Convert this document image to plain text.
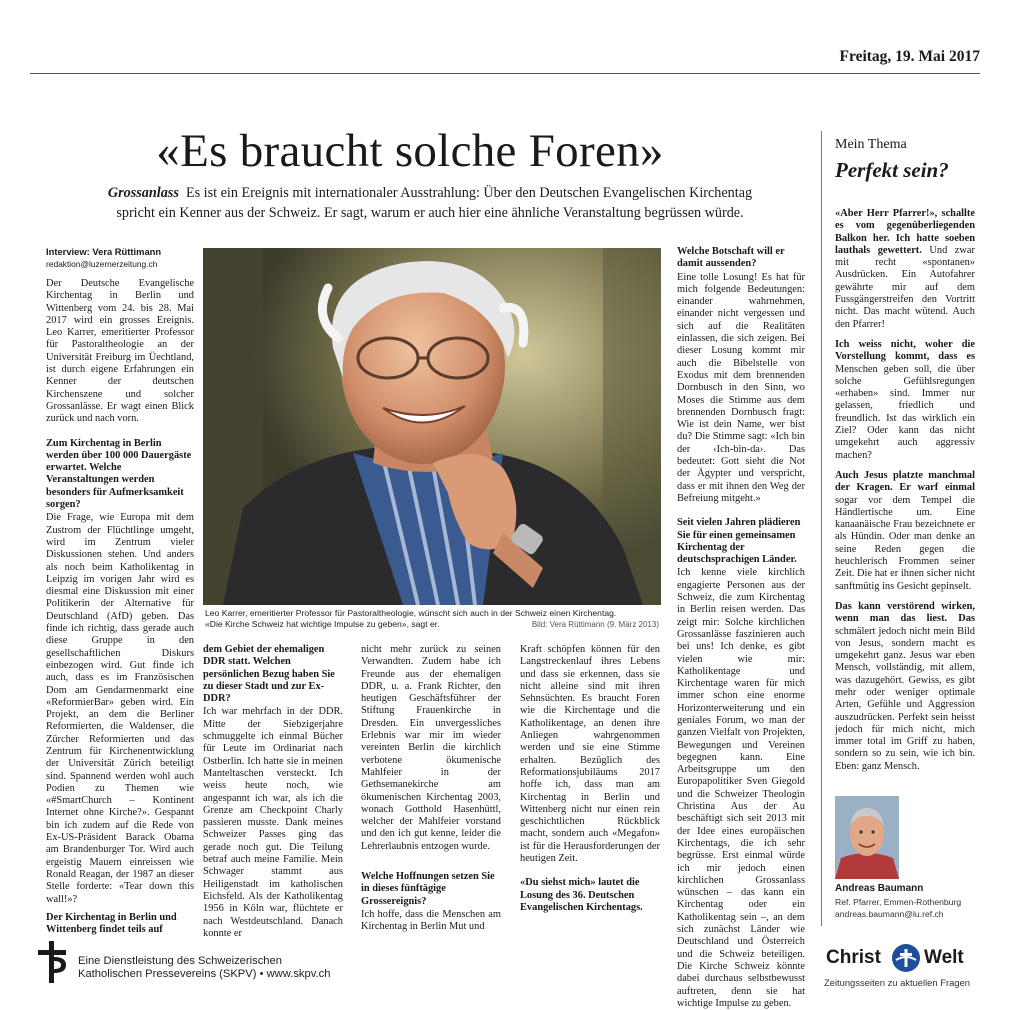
Freitag, 19. Mai 2017
«Es braucht solche Foren»
Grossanlass Es ist ein Ereignis mit internationaler Ausstrahlung: Über den Deutschen Evangelischen Kirchentag
spricht ein Kenner aus der Schweiz. Er sagt, warum er auch hier eine ähnliche Veranstaltung begrüssen würde.

Interview: Vera Rüttimann

redaktion@luzernerzeitung.ch

Der Deutsche Evangelische Kirchentag in Berlin und Wittenberg vom 24. bis 28. Mai 2017 wird ein grosses Ereignis. Leo Karrer, emeritierter Professor für Pastoraltheologie an der Universität Freiburg im Üechtland, ist durch eigene Erfahrungen ein Kenner der deutschen Kirchenszene und solcher Grossanlässe. Er wagt einen Blick zurück und nach vorn.

Zum Kirchentag in Berlin werden über 100 000 Dauergäste erwartet. Welche Veranstaltungen werden besonders für Aufmerksamkeit sorgen?

Die Frage, wie Europa mit dem Zustrom der Flüchtlinge umgeht, wird im Zentrum vieler Diskussionen stehen. Und anders als noch beim Katholikentag in Leipzig im vorigen Jahr wird es diesmal eine Diskussion mit einer Politikerin der Alternative für Deutschland (AfD) geben. Das finde ich richtig, dass gerade auch diese Gruppe in den gesellschaftlichen Diskurs einbezogen wird. Gut finde ich auch, dass es im Französischen Dom am Gendarmenmarkt eine «ReformierBar» geben wird. Ein Projekt, an dem die Berliner Reformierten, die Waldenser, die Zürcher Reformierten und das Zentrum für Kirchenentwicklung der Universität Zürich beteiligt sind. Spannend werden wohl auch Podien zu Themen wie «#SmartChurch – Kontinent Internet ohne Kirche?». Gespannt bin ich zudem auf die Rede von Ex-US-Präsident Barack Obama am Brandenburger Tor. Wird auch ergeistig Mauern einreissen wie Ronald Reagan, der 1987 an dieser Stelle forderte: «Tear down this wall!»?

Der Kirchentag in Berlin und Wittenberg findet teils auf

Leo Karrer, emeritierter Professor für Pastoraltheologie, wünscht sich auch in der Schweiz einen Kirchentag.
«Die Kirche Schweiz hat wichtige Impulse zu geben», sagt er.	Bild: Vera Rüttimann (9. März 2013)

dem Gebiet der ehemaligen DDR statt. Welchen persönlichen Bezug haben Sie zu dieser Stadt und zur Ex-DDR?

Ich war mehrfach in der DDR. Mitte der Siebzigerjahre schmuggelte ich einmal Bücher für Leute im Ordinariat nach Ostberlin. Ich hatte sie in meinen Manteltaschen versteckt. Ich weiss heute noch, wie angespannt ich war, als ich die Grenze am Checkpoint Charly passieren musste. Dank meines Schweizer Passes ging das gerade noch gut. Die Teilung betraf auch meine Familie. Mein Schwager stammt aus Heiligenstadt im katholischen Eichsfeld. Als der Katholikentag 1956 in Köln war, flüchtete er nach Westdeutschland. Danach konnte er

nicht mehr zurück zu seinen Verwandten. Zudem habe ich Freunde aus der ehemaligen DDR, u. a. Frank Richter, den heutigen Geschäftsführer der Stiftung Frauenkirche in Dresden. Ein unvergessliches Erlebnis war mir im wieder vereinten Berlin die kirchlich verbotene ökumenische Mahlfeier in der Gethsemanekirche am ökumenischen Kirchentag 2003, wonach Gotthold Hasenhüttl, welcher der Mahlfeier vorstand und den ich gut kenne, leider die Lehrerlaubnis entzogen wurde.

Welche Hoffnungen setzen Sie in dieses fünftägige Grossereignis?

Ich hoffe, dass die Menschen am Kirchentag in Berlin Mut und

Kraft schöpfen können für den Langstreckenlauf ihres Lebens und dass sie erkennen, dass sie nicht alleine sind mit ihren Sehnsüchten. Es braucht Foren wie die Kirchentage und die Katholikentage, an denen ihre Anliegen wahrgenommen werden und sie eine Stimme erhalten. Bezüglich des Reformationsjubiläums 2017 hoffe ich, dass man am Kirchentag in Berlin und Wittenberg nicht nur einen rein geschichtlichen Rückblick macht, sondern auch «Megafon» ist für die Herausforderungen der heutigen Zeit.

«Du siehst mich» lautet die Losung des 36. Deutschen Evangelischen Kirchentags.

Welche Botschaft will er damit aussenden?

Eine tolle Losung! Es hat für mich folgende Bedeutungen: einander wahrnehmen, einander nicht vergessen und sich auf die Realitäten einlassen, die sich zeigen. Bei dieser Losung kommt mir auch die Bibelstelle von Exodus mit dem brennenden Dornbusch in den Sinn, wo Moses die Stimme aus dem brennenden Dornbusch fragt: Wie ist dein Name, wer bist du? Die Stimme sagt: «Ich bin der ‹Ich-bin-da›. Das bedeutet: Gott sieht die Not der Ägypter und verspricht, dass er mit ihnen den Weg der Befreiung mitgeht.»

Seit vielen Jahren plädieren Sie für einen gemeinsamen Kirchentag der deutschsprachigen Länder.

Ich kenne viele kirchlich engagierte Personen aus der Schweiz, die zum Kirchentag in Berlin reisen werden. Das zeigt mir: Solche kirchlichen Grossanlässe faszinieren auch bei uns! Ich denke, es gibt vielen wie mir: Katholikentage und Kirchentage waren für mich immer schon eine enorme Horizonterweiterung und ein geniales Forum, wo man der ganzen Vielfalt von Projekten, Bewegungen und Vereinen begegnen kann. Eine Arbeitsgruppe um den Europapolitiker Sven Giegold und die Schweizer Theologin Christina Aus der Au beschäftigt sich seit 2013 mit der Idee eines europäischen Kirchentags, die ich sehr begrüsse. Erst einmal würde ich mir jedoch einen kirchlichen Grossanlass wünschen – das kann ein Kirchentag oder ein Katholikentag sein –, an dem sich zunächst Länder wie Deutschland und Österreich und die Schweiz beteiligen. Die Kirche Schweiz könnte dabei durchaus selbstbewusst auftreten, denn sie hat wichtige Impulse zu geben.

Mein Thema
Perfekt sein?

«Aber Herr Pfarrer!», schallte es vom gegenüberliegenden Balkon her. Ich hatte soeben lauthals gewettert. Und zwar mit recht «spontanen» Ausdrücken. Ein Autofahrer gewährte mir auf dem Fussgängerstreifen den Vortritt nicht. Das macht wütend. Auch den Pfarrer!

Ich weiss nicht, woher die Vorstellung kommt, dass es Menschen geben soll, die über solche Gefühlsregungen «erhaben» sind. Immer nur gelassen, friedlich und freundlich. Ist das wirklich ein Ziel? Oder kann das nicht umgekehrt auch aggressiv machen?

Auch Jesus platzte manchmal der Kragen. Er warf einmal sogar vor dem Tempel die Händlertische um. Eine kanaanäische Frau bezeichnete er als Hündin. Oder man denke an seine Reden gegen die heuchlerisch Frommen seiner Zeit. Die hat er ihnen sicher nicht sanftmütig ins Gesicht gepinselt.

Das kann verstörend wirken, wenn man das liest. Das schmälert jedoch nicht mein Bild von Jesus, sondern macht es umgekehrt ganz. Jesus war eben Mensch, vollständig, mit allem, was dazugehört. Gewiss, es gibt mehr oder weniger optimale Arten, Gefühle und Aggression auszudrücken. Perfekt sein heisst jedoch für mich nicht, mich immer total im Griff zu haben, sondern so zu sein, wie ich bin. Eben: ganz Mensch.

Andreas Baumann
Ref. Pfarrer, Emmen-Rothenburg
andreas.baumann@lu.ref.ch
Eine Dienstleistung des Schweizerischen
Katholischen Pressevereins (SKPV) • www.skpv.ch
Christ Welt
Zeitungsseiten zu aktuellen Fragen
